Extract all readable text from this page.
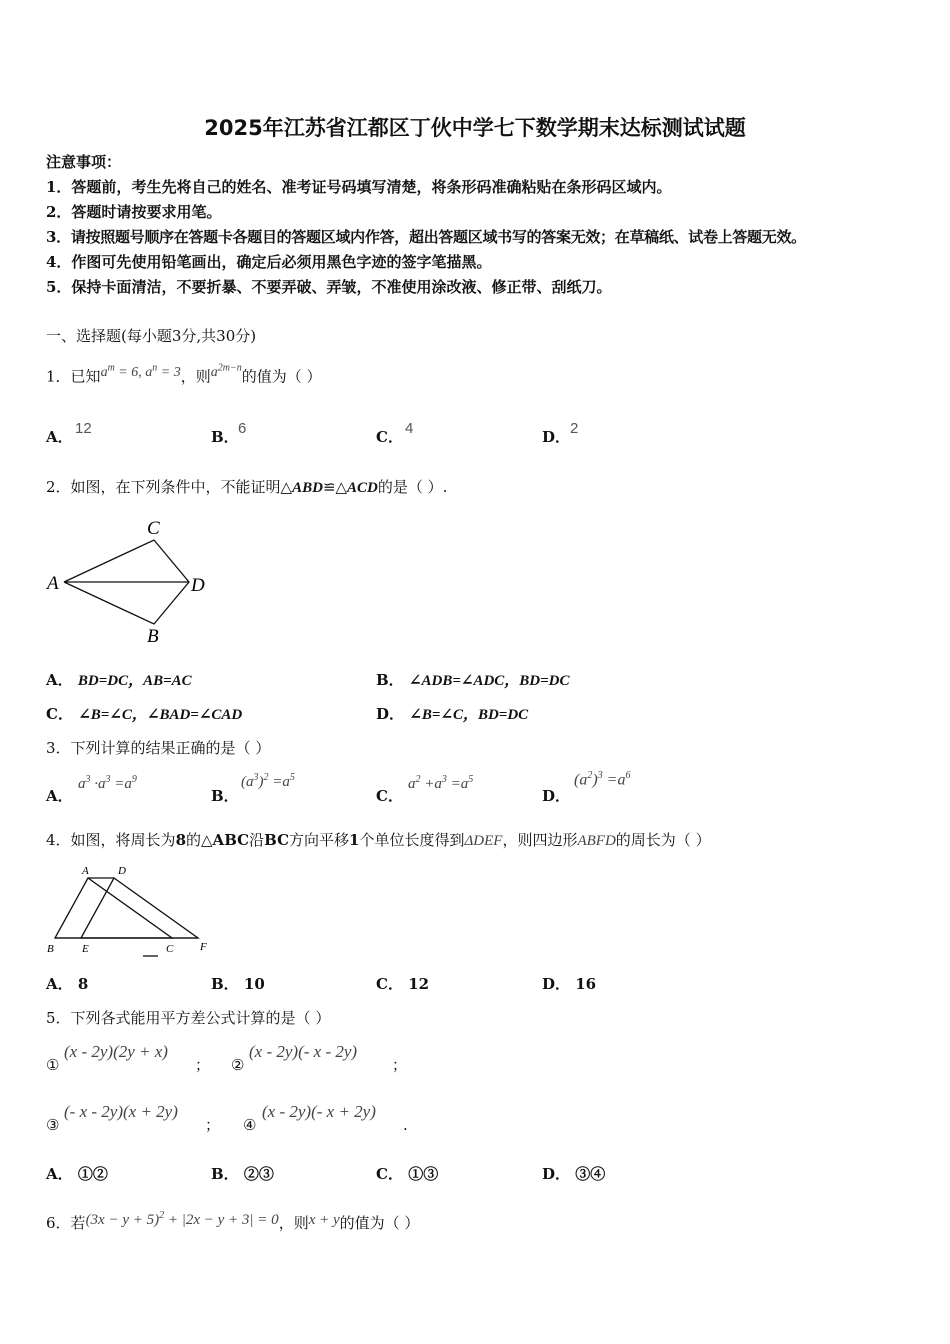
2025年江苏省江都区丁伙中学七下数学期末达标测试试题
注意事项：
1．答题前，考生先将自己的姓名、准考证号码填写清楚，将条形码准确粘贴在条形码区域内。
2．答题时请按要求用笔。
3．请按照题号顺序在答题卡各题目的答题区域内作答，超出答题区域书写的答案无效；在草稿纸、试卷上答题无效。
4．作图可先使用铅笔画出，确定后必须用黑色字迹的签字笔描黑。
5．保持卡面清洁，不要折暴、不要弄破、弄皱，不准使用涂改液、修正带、刮纸刀。
一、选择题(每小题3分,共30分)
1．已知$a^m = 6$, $a^n = 3$，则$a^{2m-n}$的值为（ ）
A． 12	B． 6	C． 4	D． 2
2．如图，在下列条件中，不能证明△ABD≌△ACD的是（ ）.
A
C
D
B
A． BD=DC，AB=AC	B． ∠ADB=∠ADC，BD=DC
C． ∠B=∠C，∠BAD=∠CAD	D． ∠B=∠C，BD=DC
3．下列计算的结果正确的是（ ）
A．
$a^3 \cdot a^3 =a^9$
B．
$(a^3)^2 =a^5$
C．
$a^2 +a^3 =a^5$
D．
$(a^2)^3 =a^6$
4．如图，将周长为8的△ABC沿BC方向平移1个单位长度得到ΔDEF，则四边形ABFD的周长为（ ）
A	D
B	E	C F
A． 8	B． 10	C． 12	D． 16
5．下列各式能用平方差公式计算的是（ ）
①
(x - 2y)(2y + x)
； ②
(x - 2y)(- x - 2y)
；
③
(- x - 2y)(x + 2y)
； ④
(x - 2y)(- x + 2y)
.
A． ①②	B． ②③	C． ①③	D． ③④
6．若$(3x - y + 5)^2 + |2x - y + 3| = 0$，则x + y的值为（ ）
